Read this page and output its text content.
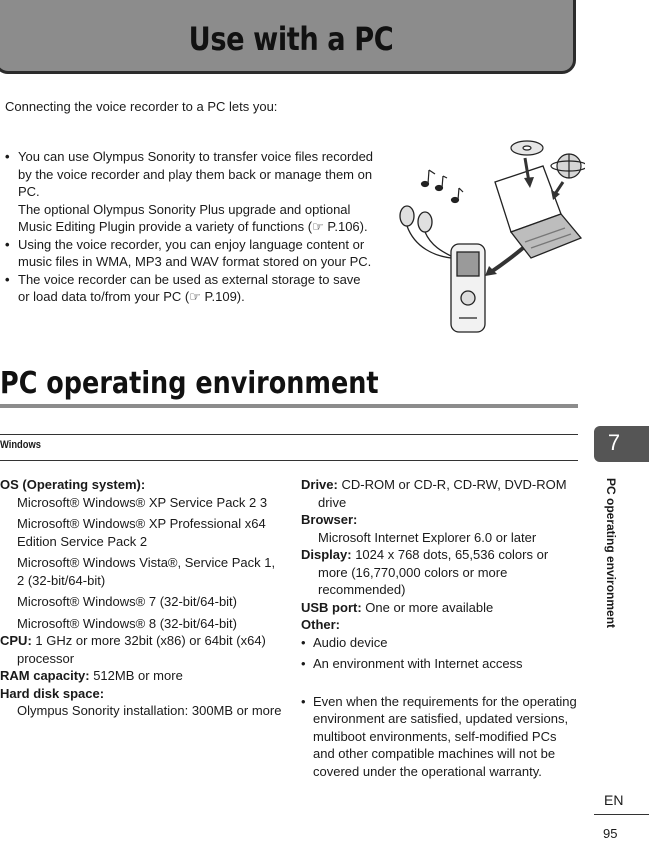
Use with a PC
Connecting the voice recorder to a PC lets you:
• You can use Olympus Sonority to transfer voice files recorded by the voice recorder and play them back or manage them on PC.
The optional Olympus Sonority Plus upgrade and optional Music Editing Plugin provide a variety of functions (☞ P.106).
• Using the voice recorder, you can enjoy language content or music files in WMA, MP3 and WAV format stored on your PC.
• The voice recorder can be used as external storage to save or load data to/from your PC (☞ P.109).
PC operating environment
Windows
OS (Operating system):
Microsoft® Windows® XP Service Pack 2 3
Microsoft® Windows® XP Professional x64 Edition Service Pack 2
Microsoft® Windows Vista®, Service Pack 1, 2 (32-bit/64-bit)
Microsoft® Windows® 7 (32-bit/64-bit)
Microsoft® Windows® 8 (32-bit/64-bit)
CPU: 1 GHz or more 32bit (x86) or 64bit (x64) processor
RAM capacity: 512MB or more
Hard disk space:
Olympus Sonority installation: 300MB or more
Drive: CD-ROM or CD-R, CD-RW, DVD-ROM drive
Browser:
Microsoft Internet Explorer 6.0 or later
Display: 1024 x 768 dots, 65,536 colors or more (16,770,000 colors or more recommended)
USB port: One or more available
Other:
• Audio device
• An environment with Internet access
• Even when the requirements for the operating environment are satisfied, updated versions, multiboot environments, self-modified PCs and other compatible machines will not be covered under the operational warranty.
7
PC operating environment
EN
95
